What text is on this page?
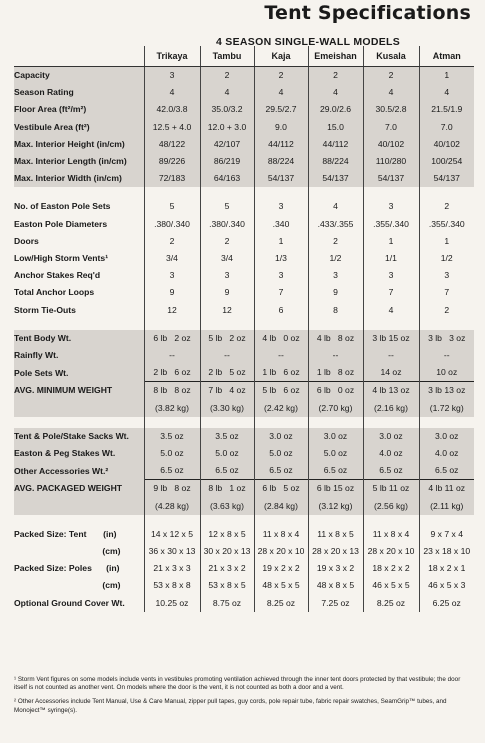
Tent Specifications
4 SEASON SINGLE-WALL MODELS
	Trikaya	Tambu	Kaja	Emeishan	Kusala	Atman
Capacity	3	2	2	2	2	1
Season Rating	4	4	4	4	4	4
Floor Area (ft²/m²)	42.0/3.8	35.0/3.2	29.5/2.7	29.0/2.6	30.5/2.8	21.5/1.9
Vestibule Area (ft²)	12.5 + 4.0	12.0 + 3.0	9.0	15.0	7.0	7.0
Max. Interior Height (in/cm)	48/122	42/107	44/112	44/112	40/102	40/102
Max. Interior Length (in/cm)	89/226	86/219	88/224	88/224	110/280	100/254
Max. Interior Width (in/cm)	72/183	64/163	54/137	54/137	54/137	54/137

No. of Easton Pole Sets	5	5	3	4	3	2
Easton Pole Diameters	.380/.340	.380/.340	.340	.433/.355	.355/.340	.355/.340
Doors	2	2	1	2	1	1
Low/High Storm Vents¹	3/4	3/4	1/3	1/2	1/1	1/2
Anchor Stakes Req'd	3	3	3	3	3	3
Total Anchor Loops	9	9	7	9	7	7
Storm Tie-Outs	12	12	6	8	4	2

Tent Body Wt.	6 lb   2 oz	5 lb   2 oz	4 lb   0 oz	4 lb   8 oz	3 lb 15 oz	3 lb   3 oz
Rainfly Wt.	--	--	--	--	--	--
Pole Sets Wt.	2 lb   6 oz	2 lb   5 oz	1 lb   6 oz	1 lb   8 oz	14 oz	10 oz
AVG. MINIMUM WEIGHT	8 lb   8 oz	7 lb   4 oz	5 lb   6 oz	6 lb   0 oz	4 lb 13 oz	3 lb 13 oz
	(3.82 kg)	(3.30 kg)	(2.42 kg)	(2.70 kg)	(2.16 kg)	(1.72 kg)

Tent & Pole/Stake Sacks Wt.	3.5 oz	3.5 oz	3.0 oz	3.0 oz	3.0 oz	3.0 oz
Easton & Peg Stakes Wt.	5.0 oz	5.0 oz	5.0 oz	5.0 oz	4.0 oz	4.0 oz
Other Accessories Wt.²	6.5 oz	6.5 oz	6.5 oz	6.5 oz	6.5 oz	6.5 oz
AVG. PACKAGED WEIGHT	9 lb   8 oz	8 lb   1 oz	6 lb   5 oz	6 lb 15 oz	5 lb 11 oz	4 lb 11 oz
	(4.28 kg)	(3.63 kg)	(2.84 kg)	(3.12 kg)	(2.56 kg)	(2.11 kg)

Packed Size: Tent       (in)	14 x 12 x 5	12 x 8 x 5	11 x 8 x 4	11 x 8 x 5	11 x 8 x 4	9 x 7 x 4
(cm)	36 x 30 x 13	30 x 20 x 13	28 x 20 x 10	28 x 20 x 13	28 x 20 x 10	23 x 18 x 10
Packed Size: Poles      (in)	21 x 3 x 3	21 x 3 x 2	19 x 2 x 2	19 x 3 x 2	18 x 2 x 2	18 x 2 x 1
(cm)	53 x 8 x 8	53 x 8 x 5	48 x 5 x 5	48 x 8 x 5	46 x 5 x 5	46 x 5 x 3
Optional Ground Cover Wt.	10.25 oz	8.75 oz	8.25 oz	7.25 oz	8.25 oz	6.25 oz

¹ Storm Vent figures on some models include vents in vestibules promoting ventilation achieved through the inner tent doors protected by that vestibule; the door itself is not counted as another vent. On models where the door is the vent, it is not counted as both a door and a vent.

² Other Accessories include Tent Manual, Use & Care Manual, zipper pull tapes, guy cords, pole repair tube, fabric repair swatches, SeamGrip™ tubes, and Monoject™ syringe(s).
